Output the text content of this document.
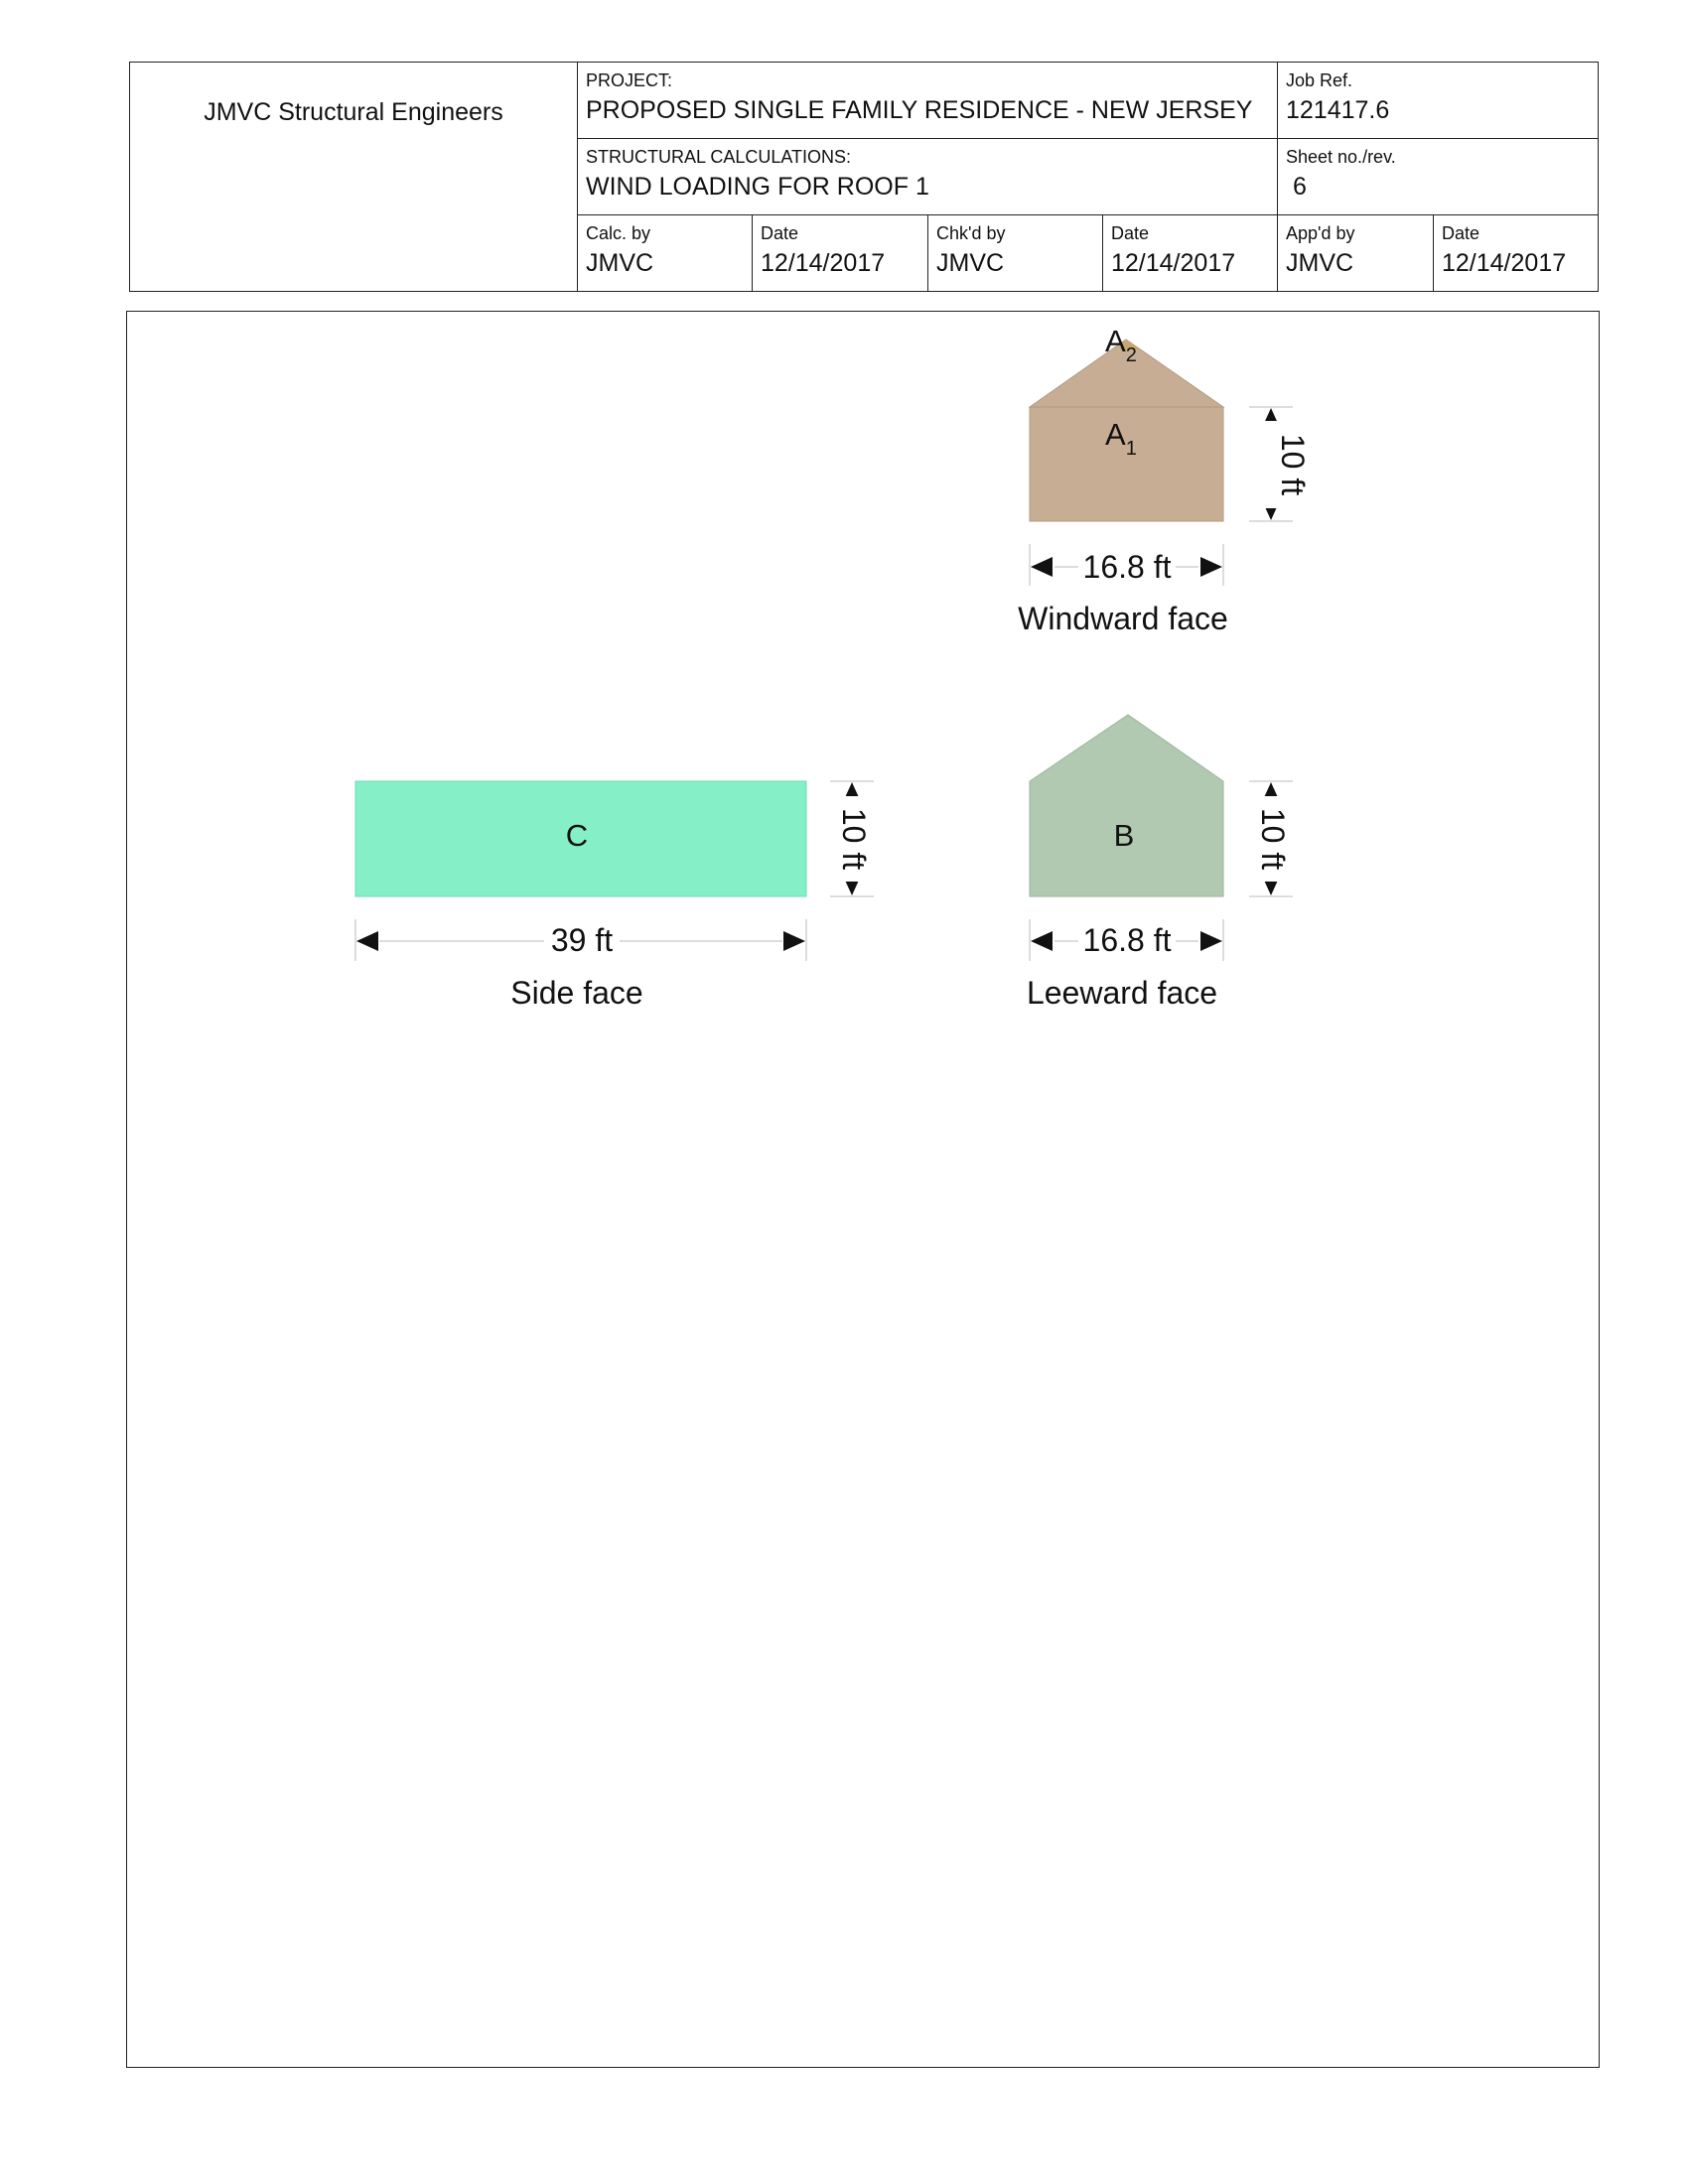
JMVC Structural Engineers
PROJECT:
PROPOSED SINGLE FAMILY RESIDENCE - NEW JERSEY
Job Ref.
121417.6
STRUCTURAL CALCULATIONS:
WIND LOADING FOR ROOF 1
Sheet no./rev.
6
Calc. by
JMVC
Date
12/14/2017
Chk'd by
JMVC
Date
12/14/2017
App'd by
JMVC
Date
12/14/2017
$A_2$
$A_1$
16.8 ft
10 ft
Windward face
C
39 ft
10 ft
Side face
B
16.8 ft
10 ft
Leeward face
